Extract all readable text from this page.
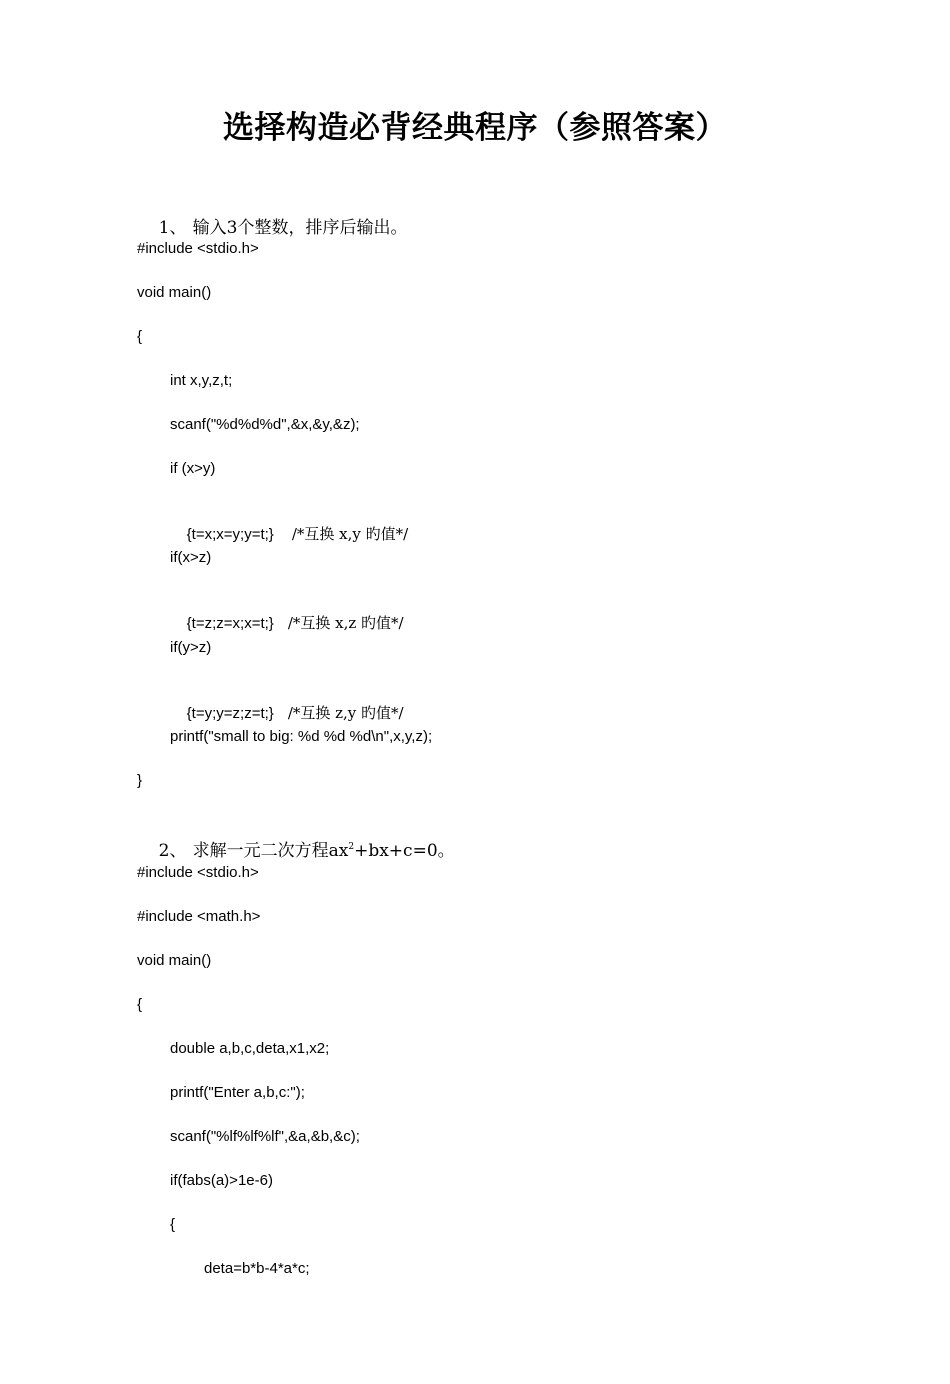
选择构造必背经典程序（参照答案）

1、 输入3个整数，排序后输出。

#include <stdio.h>
void main()
{
int x,y,z,t;
scanf("%d%d%d",&x,&y,&z);
if (x>y)

{t=x;x=y;y=t;} /*互换 x,y 旳值*/

if(x>z)

{t=z;z=x;x=t;} /*互换 x,z 旳值*/

if(y>z)

{t=y;y=z;z=t;} /*互换 z,y 旳值*/

printf("small to big: %d %d %d\n",x,y,z);
}

2、 求解一元二次方程$ax^2+bx+c=0$。

#include <stdio.h>
#include <math.h>
void main()
{
double a,b,c,deta,x1,x2;
printf("Enter a,b,c:");
scanf("%lf%lf%lf",&a,&b,&c);
if(fabs(a)>1e-6)
{
deta=b*b-4*a*c;
